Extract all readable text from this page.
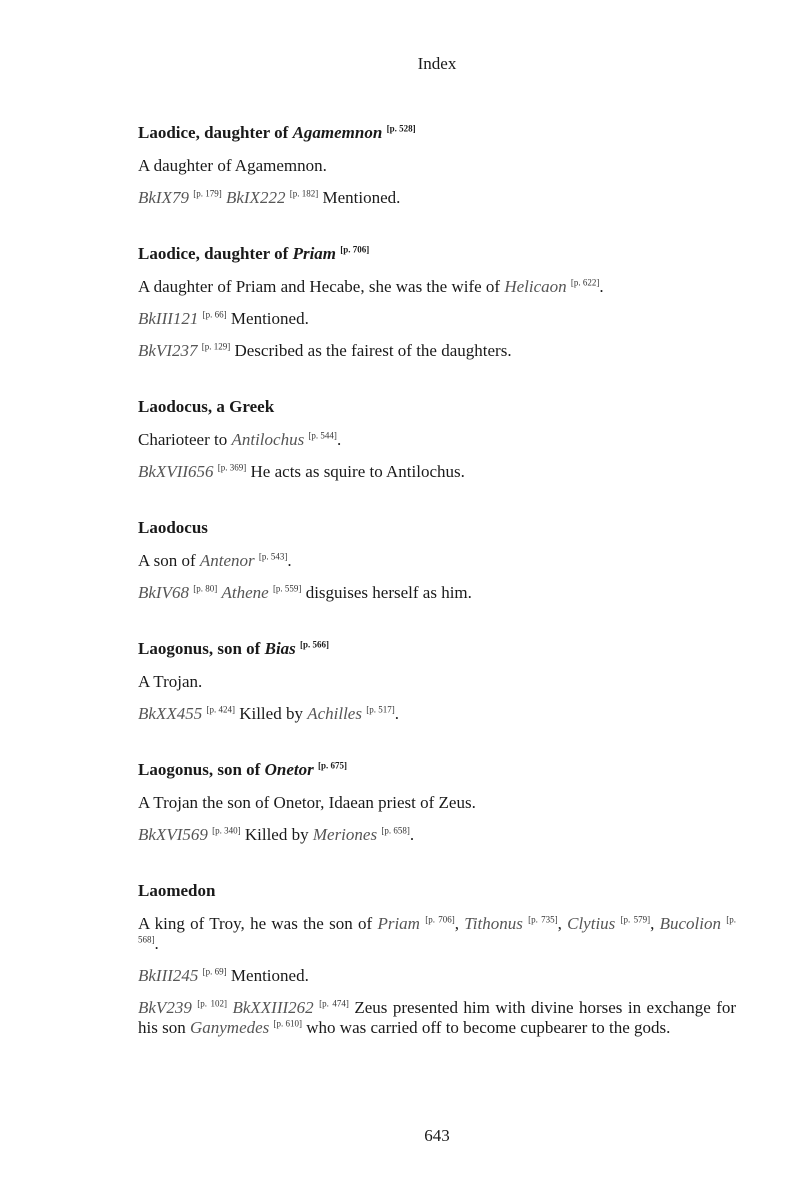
Index
Laodice, daughter of Agamemnon [p. 528]

A daughter of Agamemnon.

BkIX79 [p. 179] BkIX222 [p. 182] Mentioned.

Laodice, daughter of Priam [p. 706]

A daughter of Priam and Hecabe, she was the wife of Helicaon [p. 622].

BkIII121 [p. 66] Mentioned.

BkVI237 [p. 129] Described as the fairest of the daughters.

Laodocus, a Greek

Charioteer to Antilochus [p. 544].

BkXVII656 [p. 369] He acts as squire to Antilochus.

Laodocus

A son of Antenor [p. 543].

BkIV68 [p. 80] Athene [p. 559] disguises herself as him.

Laogonus, son of Bias [p. 566]

A Trojan.

BkXX455 [p. 424] Killed by Achilles [p. 517].

Laogonus, son of Onetor [p. 675]

A Trojan the son of Onetor, Idaean priest of Zeus.

BkXVI569 [p. 340] Killed by Meriones [p. 658].

Laomedon

A king of Troy, he was the son of Priam [p. 706], Tithonus [p. 735], Clytius [p. 579], Bucolion [p. 568].

BkIII245 [p. 69] Mentioned.

BkV239 [p. 102] BkXXIII262 [p. 474] Zeus presented him with divine horses in exchange for his son Ganymedes [p. 610] who was carried off to become cupbearer to the gods.

643
